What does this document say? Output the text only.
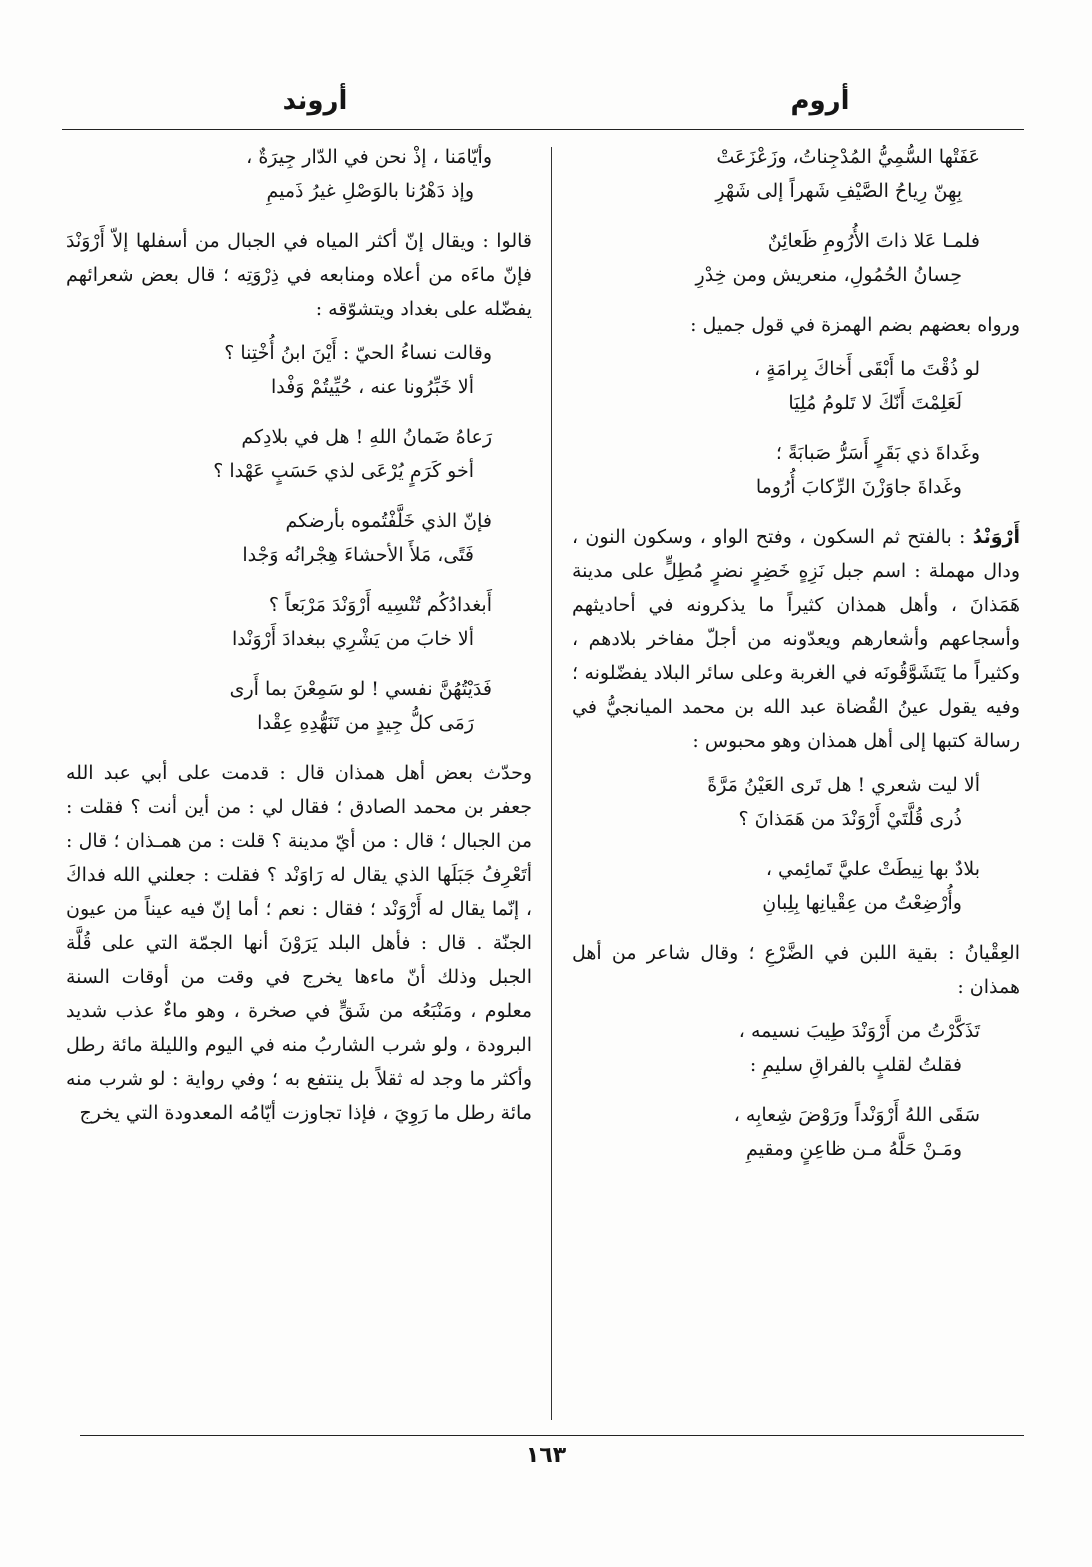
أروم
أروند
عَفَتْها السُّمِيُّ المُدْجِناتُ، وزَعْزَعَتْ
بِهِنّ رِياحُ الصَّيْفِ شَهراً إلى شَهْرِ
فلمـا عَلا ذاتَ الأُرُومِ ظَعائِنٌ
حِسانُ الحُمُولِ، منعريش ومن خِدْرِ

ورواه بعضهم بضم الهمزة في قول جميل :

لو ذُقْتَ ما أَبْقَى أَخاكَ بِرامَةٍ ،
لَعَلِمْتَ أَنّكَ لا تَلومُ مُلِيَا
وغَداةَ ذي بَقَرٍ أَسَرُّ صَبابَةً ؛
وغَداةَ جاوَزْنَ الرِّكابَ أُرُوما

أَرْوَنْدُ : بالفتح ثم السكون ، وفتح الواو ، وسكون النون ، ودال مهملة : اسم جبل نَزِهٍ خَضِرٍ نضرٍ مُطِلٍّ على مدينة هَمَذانَ ، وأهل همذان كثيراً ما يذكرونه في أحاديثهم وأسجاعهم وأشعارهم ويعدّونه من أجلّ مفاخر بلادهم ، وكثيراً ما يَتَشَوَّقُونَه في الغربة وعلى سائر البلاد يفضّلونه ؛ وفيه يقول عينُ القُضاة عبد الله بن محمد الميانجيُّ في رسالة كتبها إلى أهل همذان وهو محبوس :

ألا ليت شعري ! هل تَرى العَيْنُ مَرَّةً
ذُرى قُلَّتَيْ أَرْوَنْدَ من هَمَذانَ ؟
بلادٌ بها نِيطَتْ عليَّ تَمائِمي ،
وأُرْضِعْتُ من عِقْيانِها بِلِبانِ

العِقْيانُ : بقية اللبن في الضَّرْعِ ؛ وقال شاعر من أهل همذان :

تَذَكَّرْتُ من أَرْوَنْدَ طِيبَ نسيمه ،
فقلتُ لقلبٍ بالفراقِ سليمِ :
سَقَى اللهُ أَرْوَنْداً ورَوْضَ شِعابِه ،
ومَـنْ حَلَّهُ مـن ظاعِنٍ ومقيمِ
وأيّامَنا ، إذْ نحن في الدّار جِيرَةٌ ،
وإذ دَهْرُنا بالوَصْلِ غيرُ ذَميمِ

قالوا : ويقال إنّ أكثر المياه في الجبال من أسفلها إلاّ أَرْوَنْدَ فإنّ ماءَه من أعلاه ومنابعه في ذِرْوَتِه ؛ قال بعض شعرائهم يفضّله على بغداد ويتشوّقه :

وقالت نساءُ الحيّ : أَيْنَ ابنُ أُخْتِنا ؟
ألا خَبِّرُونا عنه ، حُيِّيتُمْ وَفْدا
رَعاهُ ضَمانُ اللهِ ! هل في بلادِكم
أخو كَرَمٍ يُرْعَى لذي حَسَبٍ عَهْدا ؟
فإنّ الذي خَلَّفْتُموه بأرضكم
فَتًى، مَلأَ الأحشاءَ هِجْرانُه وَجْدا
أَبغدادُكُم تُنْسِيه أَرْوَنْدَ مَرْبَعاً ؟
ألا خابَ من يَشْرِي ببغدادَ أَرْوَنْدا
فَدَيْتُهُنَّ نفسي ! لو سَمِعْنَ بما أَرى
رَمَى كلُّ جِيدٍ من تَنَهُّدِهِ عِقْدا

وحدّث بعض أهل همذان قال : قدمت على أبي عبد الله جعفر بن محمد الصادق ؛ فقال لي : من أين أنت ؟ فقلت : من الجبال ؛ قال : من أيّ مدينة ؟ قلت : من همـذان ؛ قال : أتَعْرِفُ جَبَلَها الذي يقال له رَاوَنْد ؟ فقلت : جعلني الله فداكَ ، إنّما يقال له أَرْوَنْد ؛ فقال : نعم ؛ أما إنّ فيه عيناً من عيون الجنّة . قال : فأهل البلد يَرَوْنَ أنها الجمّة التي على قُلَّة الجبل وذلك أنّ ماءها يخرج في وقت من أوقات السنة معلوم ، ومَنْبَعُه من شَقٍّ في صخرة ، وهو ماءٌ عذب شديد البرودة ، ولو شرب الشاربُ منه في اليوم والليلة مائة رطل وأكثر ما وجد له ثقلاً بل ينتفع به ؛ وفي رواية : لو شرب منه مائة رطل ما رَوِيَ ، فإذا تجاوزت أيّامُه المعدودة التي يخرج

١٦٣
